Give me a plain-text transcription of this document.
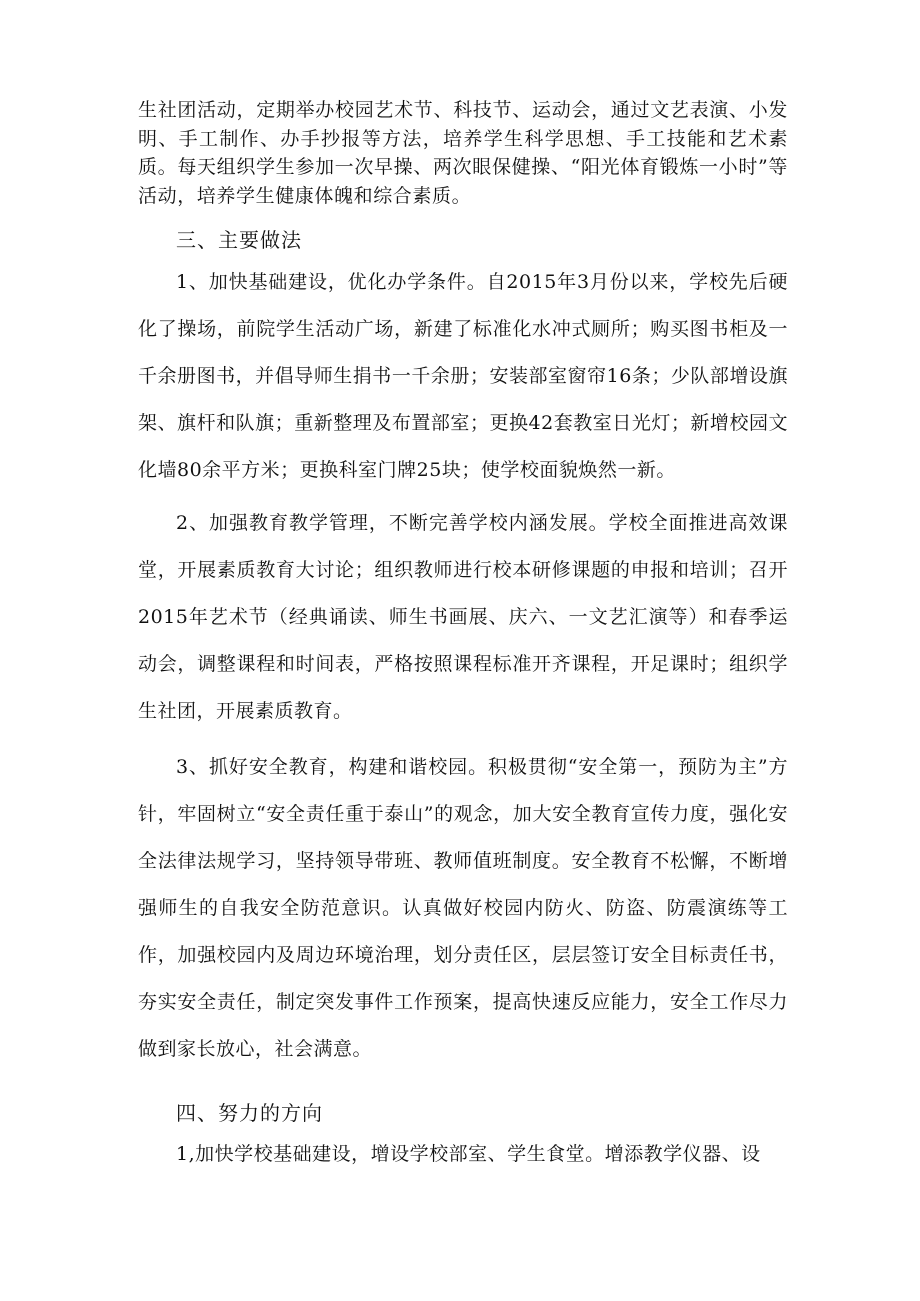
生社团活动，定期举办校园艺术节、科技节、运动会，通过文艺表演、小发明、手工制作、办手抄报等方法，培养学生科学思想、手工技能和艺术素质。每天组织学生参加一次早操、两次眼保健操、“阳光体育锻炼一小时”等活动，培养学生健康体魄和综合素质。

三、主要做法

1、加快基础建设，优化办学条件。自2015年3月份以来，学校先后硬化了操场，前院学生活动广场，新建了标准化水冲式厕所；购买图书柜及一千余册图书，并倡导师生捐书一千余册；安装部室窗帘16条；少队部增设旗架、旗杆和队旗；重新整理及布置部室；更换42套教室日光灯；新增校园文化墙80余平方米；更换科室门牌25块；使学校面貌焕然一新。

2、加强教育教学管理，不断完善学校内涵发展。学校全面推进高效课堂，开展素质教育大讨论；组织教师进行校本研修课题的申报和培训；召开2015年艺术节（经典诵读、师生书画展、庆六、一文艺汇演等）和春季运动会，调整课程和时间表，严格按照课程标准开齐课程，开足课时；组织学生社团，开展素质教育。

3、抓好安全教育，构建和谐校园。积极贯彻“安全第一，预防为主”方针，牢固树立“安全责任重于泰山”的观念，加大安全教育宣传力度，强化安全法律法规学习，坚持领导带班、教师值班制度。安全教育不松懈，不断增强师生的自我安全防范意识。认真做好校园内防火、防盗、防震演练等工作，加强校园内及周边环境治理，划分责任区，层层签订安全目标责任书，夯实安全责任，制定突发事件工作预案，提高快速反应能力，安全工作尽力做到家长放心，社会满意。

四、努力的方向

1,加快学校基础建设，增设学校部室、学生食堂。增添教学仪器、设
